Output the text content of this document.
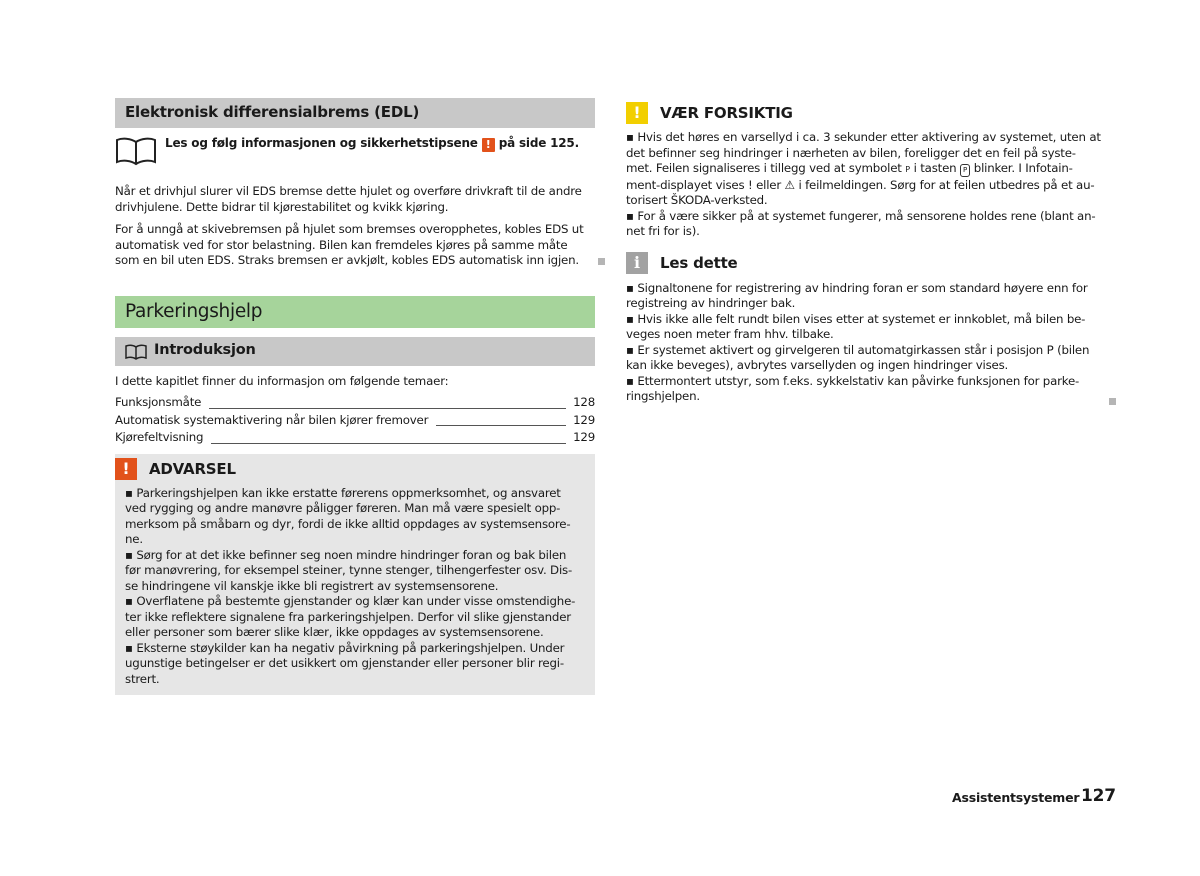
Elektronisk differensialbrems (EDL)
Les og følg informasjonen og sikkerhetstipsene ! på side 125.

Når et drivhjul slurer vil EDS bremse dette hjulet og overføre drivkraft til de andre

drivhjulene. Dette bidrar til kjørestabilitet og kvikk kjøring.

For å unngå at skivebremsen på hjulet som bremses overopphetes, kobles EDS ut

automatisk ved for stor belastning. Bilen kan fremdeles kjøres på samme måte

som en bil uten EDS. Straks bremsen er avkjølt, kobles EDS automatisk inn igjen.

Parkeringshjelp
Introduksjon

I dette kapitlet finner du informasjon om følgende temaer:

Funksjonsmåte	128
Automatisk systemaktivering når bilen kjører fremover	129
Kjørefeltvisning	129
!	ADVARSEL

▪ Parkeringshjelpen kan ikke erstatte førerens oppmerksomhet, og ansvaret

ved rygging og andre manøvre påligger føreren. Man må være spesielt opp-

merksom på småbarn og dyr, fordi de ikke alltid oppdages av systemsensore-

ne.

▪ Sørg for at det ikke befinner seg noen mindre hindringer foran og bak bilen

før manøvrering, for eksempel steiner, tynne stenger, tilhengerfester osv. Dis-

se hindringene vil kanskje ikke bli registrert av systemsensorene.

▪ Overflatene på bestemte gjenstander og klær kan under visse omstendighe-

ter ikke reflektere signalene fra parkeringshjelpen. Derfor vil slike gjenstander

eller personer som bærer slike klær, ikke oppdages av systemsensorene.

▪ Eksterne støykilder kan ha negativ påvirkning på parkeringshjelpen. Under

ugunstige betingelser er det usikkert om gjenstander eller personer blir regi-

strert.

!	VÆR FORSIKTIG

▪ Hvis det høres en varsellyd i ca. 3 sekunder etter aktivering av systemet, uten at

det befinner seg hindringer i nærheten av bilen, foreligger det en feil på syste-

met. Feilen signaliseres i tillegg ved at symbolet P i tasten P blinker. I Infotain-

ment-displayet vises ! eller ⚠ i feilmeldingen. Sørg for at feilen utbedres på et au-

torisert ŠKODA-verksted.

▪ For å være sikker på at systemet fungerer, må sensorene holdes rene (blant an-

net fri for is).

i	Les dette

▪ Signaltonene for registrering av hindring foran er som standard høyere enn for

registreing av hindringer bak.

▪ Hvis ikke alle felt rundt bilen vises etter at systemet er innkoblet, må bilen be-

veges noen meter fram hhv. tilbake.

▪ Er systemet aktivert og girvelgeren til automatgirkassen står i posisjon P (bilen

kan ikke beveges), avbrytes varsellyden og ingen hindringer vises.

▪ Ettermontert utstyr, som f.eks. sykkelstativ kan påvirke funksjonen for parke-

ringshjelpen.

Assistentsystemer 127
